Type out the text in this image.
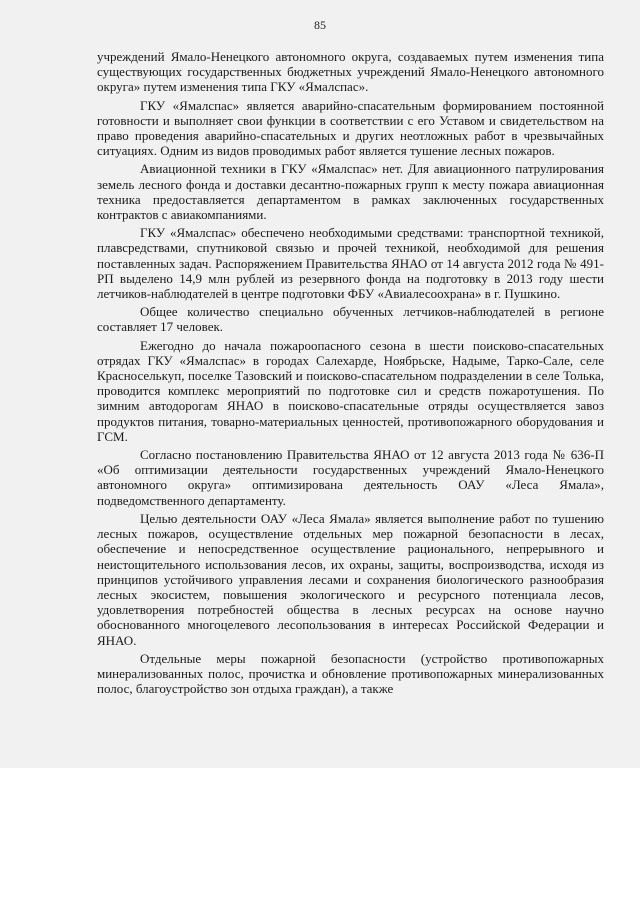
85

учреждений Ямало-Ненецкого автономного округа, создаваемых путем изменения типа существующих государственных бюджетных учреждений Ямало-Ненецкого автономного округа» путем изменения типа ГКУ «Ямалспас».

ГКУ «Ямалспас» является аварийно-спасательным формированием постоянной готовности и выполняет свои функции в соответствии с его Уставом и свидетельством на право проведения аварийно-спасательных и других неотложных работ в чрезвычайных ситуациях. Одним из видов проводимых работ является тушение лесных пожаров.

Авиационной техники в ГКУ «Ямалспас» нет. Для авиационного патрулирования земель лесного фонда и доставки десантно-пожарных групп к месту пожара авиационная техника предоставляется департаментом в рамках заключенных государственных контрактов с авиакомпаниями.

ГКУ «Ямалспас» обеспечено необходимыми средствами: транспортной техникой, плавсредствами, спутниковой связью и прочей техникой, необходимой для решения поставленных задач. Распоряжением Правительства ЯНАО от 14 августа 2012 года № 491-РП выделено 14,9 млн рублей из резервного фонда на подготовку в 2013 году шести летчиков-наблюдателей в центре подготовки ФБУ «Авиалесоохрана» в г. Пушкино.

Общее количество специально обученных летчиков-наблюдателей в регионе составляет 17 человек.

Ежегодно до начала пожароопасного сезона в шести поисково-спасательных отрядах ГКУ «Ямалспас» в городах Салехарде, Ноябрьске, Надыме, Тарко-Сале, селе Красноселькуп, поселке Тазовский и поисково-спасательном подразделении в селе Толька, проводится комплекс мероприятий по подготовке сил и средств пожаротушения. По зимним автодорогам ЯНАО в поисково-спасательные отряды осуществляется завоз продуктов питания, товарно-материальных ценностей, противопожарного оборудования и ГСМ.

Согласно постановлению Правительства ЯНАО от 12 августа 2013 года № 636-П «Об оптимизации деятельности государственных учреждений Ямало-Ненецкого автономного округа» оптимизирована деятельность ОАУ «Леса Ямала», подведомственного департаменту.

Целью деятельности ОАУ «Леса Ямала» является выполнение работ по тушению лесных пожаров, осуществление отдельных мер пожарной безопасности в лесах, обеспечение и непосредственное осуществление рационального, непрерывного и неистощительного использования лесов, их охраны, защиты, воспроизводства, исходя из принципов устойчивого управления лесами и сохранения биологического разнообразия лесных экосистем, повышения экологического и ресурсного потенциала лесов, удовлетворения потребностей общества в лесных ресурсах на основе научно обоснованного многоцелевого лесопользования в интересах Российской Федерации и ЯНАО.

Отдельные меры пожарной безопасности (устройство противопожарных минерализованных полос, прочистка и обновление противопожарных минерализованных полос, благоустройство зон отдыха граждан), а также
